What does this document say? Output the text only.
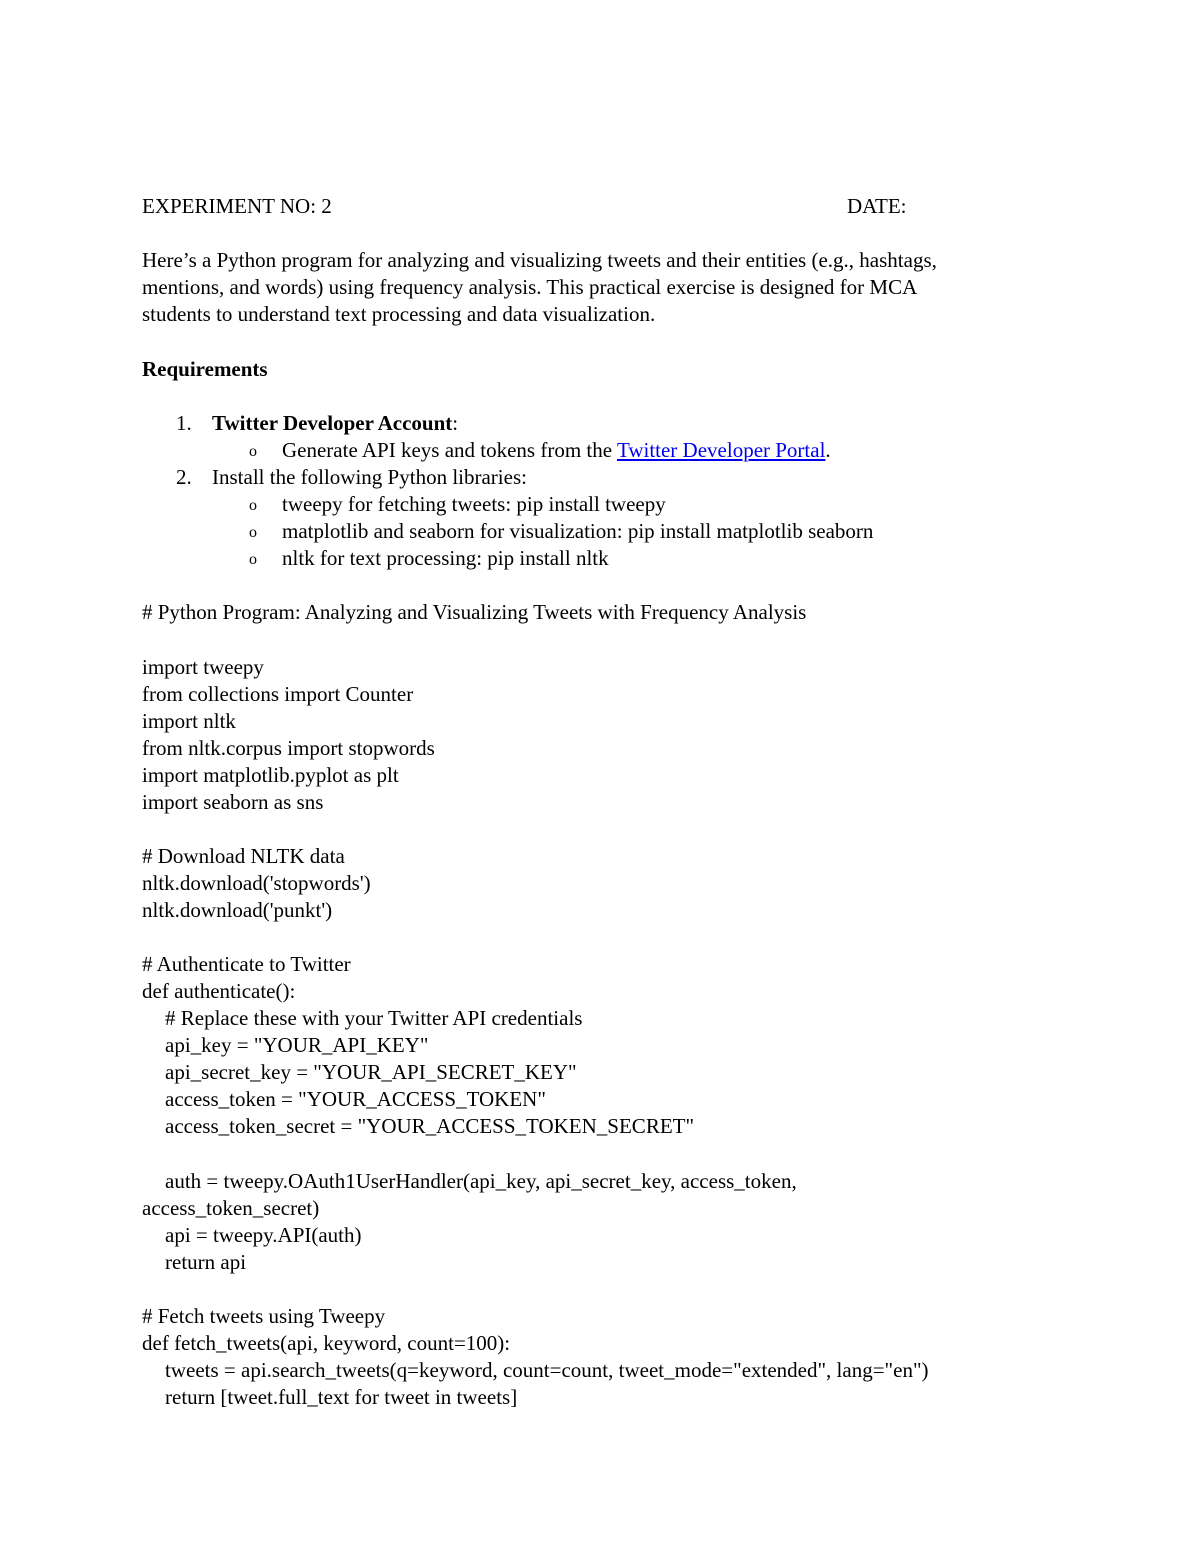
EXPERIMENT NO: 2	DATE:
Here’s a Python program for analyzing and visualizing tweets and their entities (e.g., hashtags,
mentions, and words) using frequency analysis. This practical exercise is designed for MCA
students to understand text processing and data visualization.
Requirements
1. Twitter Developer Account:
o Generate API keys and tokens from the Twitter Developer Portal.
2. Install the following Python libraries:
o tweepy for fetching tweets: pip install tweepy
o matplotlib and seaborn for visualization: pip install matplotlib seaborn
o nltk for text processing: pip install nltk
# Python Program: Analyzing and Visualizing Tweets with Frequency Analysis
import tweepy
from collections import Counter
import nltk
from nltk.corpus import stopwords
import matplotlib.pyplot as plt
import seaborn as sns
# Download NLTK data
nltk.download('stopwords')
nltk.download('punkt')
# Authenticate to Twitter
def authenticate():
# Replace these with your Twitter API credentials
api_key = "YOUR_API_KEY"
api_secret_key = "YOUR_API_SECRET_KEY"
access_token = "YOUR_ACCESS_TOKEN"
access_token_secret = "YOUR_ACCESS_TOKEN_SECRET"
auth = tweepy.OAuth1UserHandler(api_key, api_secret_key, access_token,
access_token_secret)
api = tweepy.API(auth)
return api
# Fetch tweets using Tweepy
def fetch_tweets(api, keyword, count=100):
tweets = api.search_tweets(q=keyword, count=count, tweet_mode="extended", lang="en")
return [tweet.full_text for tweet in tweets]
